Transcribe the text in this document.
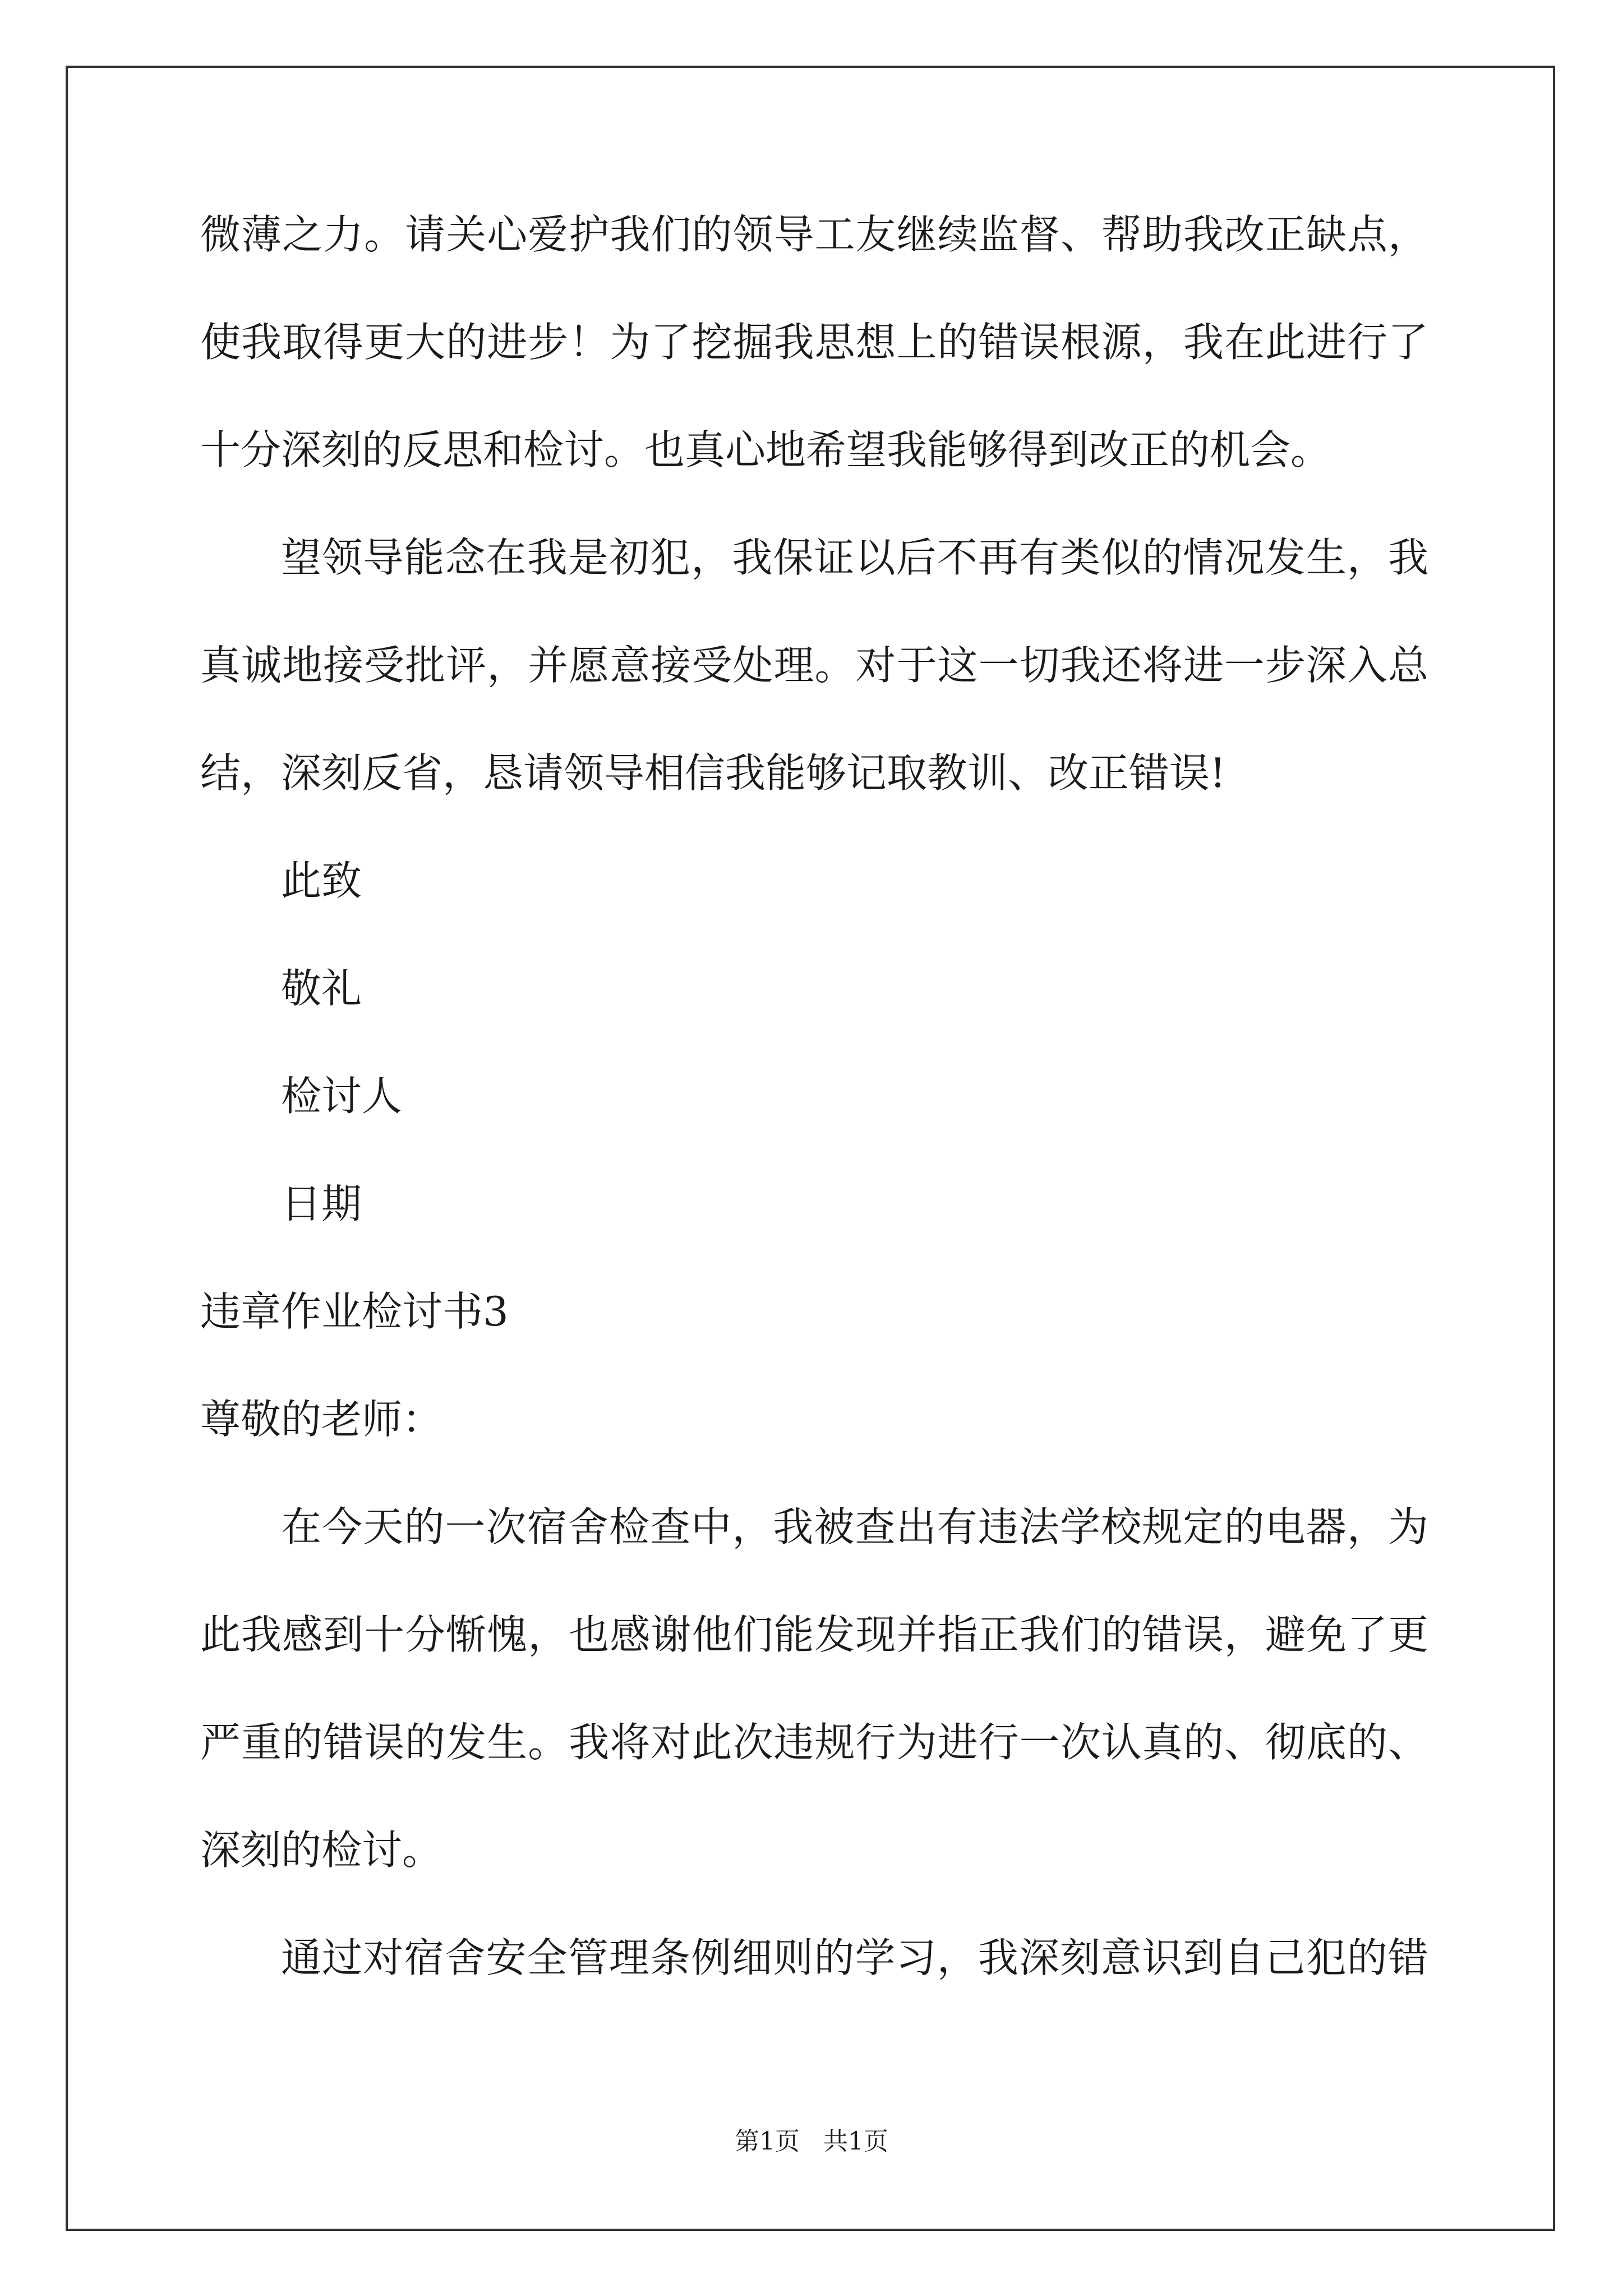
微薄之力。请关心爱护我们的领导工友继续监督、帮助我改正缺点，
使我取得更大的进步！为了挖掘我思想上的错误根源，我在此进行了
十分深刻的反思和检讨。也真心地希望我能够得到改正的机会。
望领导能念在我是初犯，我保证以后不再有类似的情况发生，我
真诚地接受批评，并愿意接受处理。对于这一切我还将进一步深入总
结，深刻反省，恳请领导相信我能够记取教训、改正错误!
此致
敬礼
检讨人
日期
违章作业检讨书3
尊敬的老师：
在今天的一次宿舍检查中，我被查出有违法学校规定的电器，为
此我感到十分惭愧，也感谢他们能发现并指正我们的错误，避免了更
严重的错误的发生。我将对此次违规行为进行一次认真的、彻底的、
深刻的检讨。
通过对宿舍安全管理条例细则的学习，我深刻意识到自己犯的错
第1页   共1页
